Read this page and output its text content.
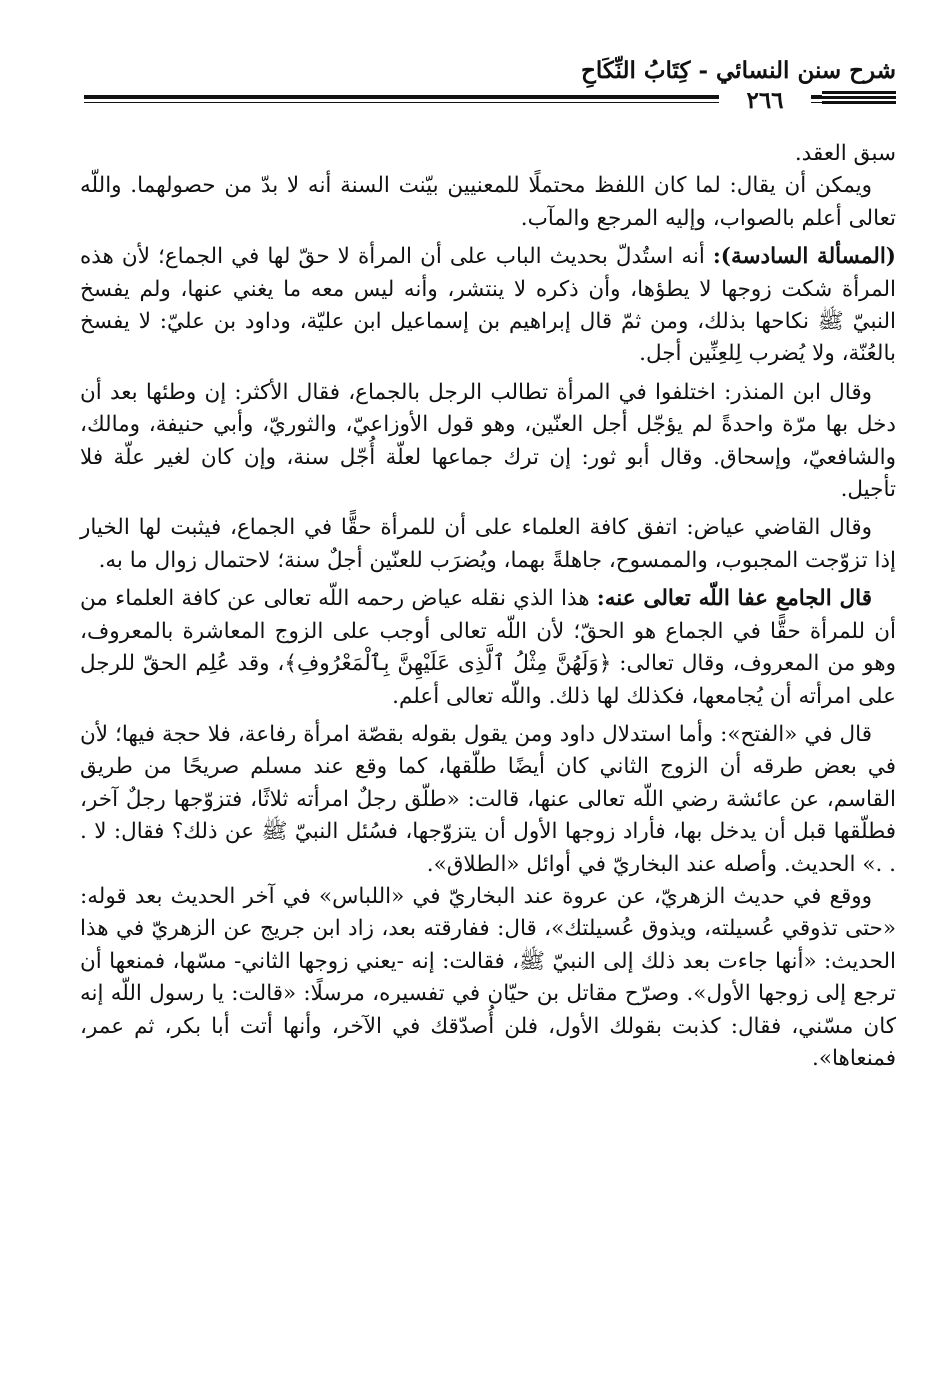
شرح سنن النسائي - كِتَابُ النِّكَاحِ
٢٦٦

سبق العقد.

ويمكن أن يقال: لما كان اللفظ محتملًا للمعنيين بيّنت السنة أنه لا بدّ من حصولهما. واللّه تعالى أعلم بالصواب، وإليه المرجع والمآب.

(المسألة السادسة): أنه استُدلّ بحديث الباب على أن المرأة لا حقّ لها في الجماع؛ لأن هذه المرأة شكت زوجها لا يطؤها، وأن ذكره لا ينتشر، وأنه ليس معه ما يغني عنها، ولم يفسخ النبيّ ﷺ نكاحها بذلك، ومن ثمّ قال إبراهيم بن إسماعيل ابن عليّة، وداود بن عليّ: لا يفسخ بالعُنّة، ولا يُضرب لِلعِنِّين أجل.

وقال ابن المنذر: اختلفوا في المرأة تطالب الرجل بالجماع، فقال الأكثر: إن وطئها بعد أن دخل بها مرّة واحدةً لم يؤجّل أجل العنّين، وهو قول الأوزاعيّ، والثوريّ، وأبي حنيفة، ومالك، والشافعيّ، وإسحاق. وقال أبو ثور: إن ترك جماعها لعلّة أُجّل سنة، وإن كان لغير علّة فلا تأجيل.

وقال القاضي عياض: اتفق كافة العلماء على أن للمرأة حقًّا في الجماع، فيثبت لها الخيار إذا تزوّجت المجبوب، والممسوح، جاهلةً بهما، ويُضرَب للعنّين أجلٌ سنة؛ لاحتمال زوال ما به.

قال الجامع عفا اللّه تعالى عنه: هذا الذي نقله عياض رحمه اللّه تعالى عن كافة العلماء من أن للمرأة حقًّا في الجماع هو الحقّ؛ لأن اللّه تعالى أوجب على الزوج المعاشرة بالمعروف، وهو من المعروف، وقال تعالى: ﴿وَلَهُنَّ مِثْلُ ٱلَّذِى عَلَيْهِنَّ بِٱلْمَعْرُوفِ﴾، وقد عُلِم الحقّ للرجل على امرأته أن يُجامعها، فكذلك لها ذلك. واللّه تعالى أعلم.

قال في «الفتح»: وأما استدلال داود ومن يقول بقوله بقصّة امرأة رفاعة، فلا حجة فيها؛ لأن في بعض طرقه أن الزوج الثاني كان أيضًا طلّقها، كما وقع عند مسلم صريحًا من طريق القاسم، عن عائشة رضي اللّه تعالى عنها، قالت: «طلّق رجلٌ امرأته ثلاثًا، فتزوّجها رجلٌ آخر، فطلّقها قبل أن يدخل بها، فأراد زوجها الأول أن يتزوّجها، فسُئل النبيّ ﷺ عن ذلك؟ فقال: لا . . .» الحديث. وأصله عند البخاريّ في أوائل «الطلاق».

ووقع في حديث الزهريّ، عن عروة عند البخاريّ في «اللباس» في آخر الحديث بعد قوله: «حتى تذوقي عُسيلته، ويذوق عُسيلتك»، قال: ففارقته بعد، زاد ابن جريج عن الزهريّ في هذا الحديث: «أنها جاءت بعد ذلك إلى النبيّ ﷺ، فقالت: إنه -يعني زوجها الثاني- مسّها، فمنعها أن ترجع إلى زوجها الأول». وصرّح مقاتل بن حيّان في تفسيره، مرسلًا: «قالت: يا رسول اللّه إنه كان مسّني، فقال: كذبت بقولك الأول، فلن أُصدّقك في الآخر، وأنها أتت أبا بكر، ثم عمر، فمنعاها».
